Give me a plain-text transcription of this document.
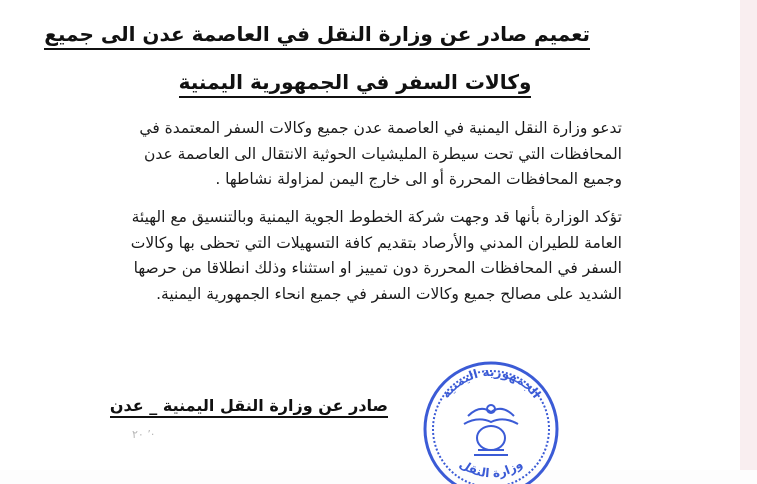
تعميم صادر عن وزارة النقل في العاصمة عدن الى جميع
وكالات السفر في الجمهورية اليمنية
تدعو وزارة النقل اليمنية في العاصمة عدن جميع وكالات السفر المعتمدة في
المحافظات التي تحت سيطرة المليشيات الحوثية الانتقال الى العاصمة عدن
وجميع المحافظات المحررة أو الى خارج اليمن لمزاولة نشاطها .
تؤكد الوزارة بأنها قد وجهت شركة الخطوط الجوية اليمنية وبالتنسيق مع الهيئة
العامة للطيران المدني والأرصاد بتقديم كافة التسهيلات التي تحظى بها وكالات
السفر في المحافظات المحررة دون تمييز او استثناء وذلك انطلاقا من حرصها
الشديد على مصالح جميع وكالات السفر في جميع انحاء الجمهورية اليمنية.
صادر عن وزارة النقل اليمنية _ عدن
٬ ٢٠·
الجمهورية اليمنية
وزارة النقل
